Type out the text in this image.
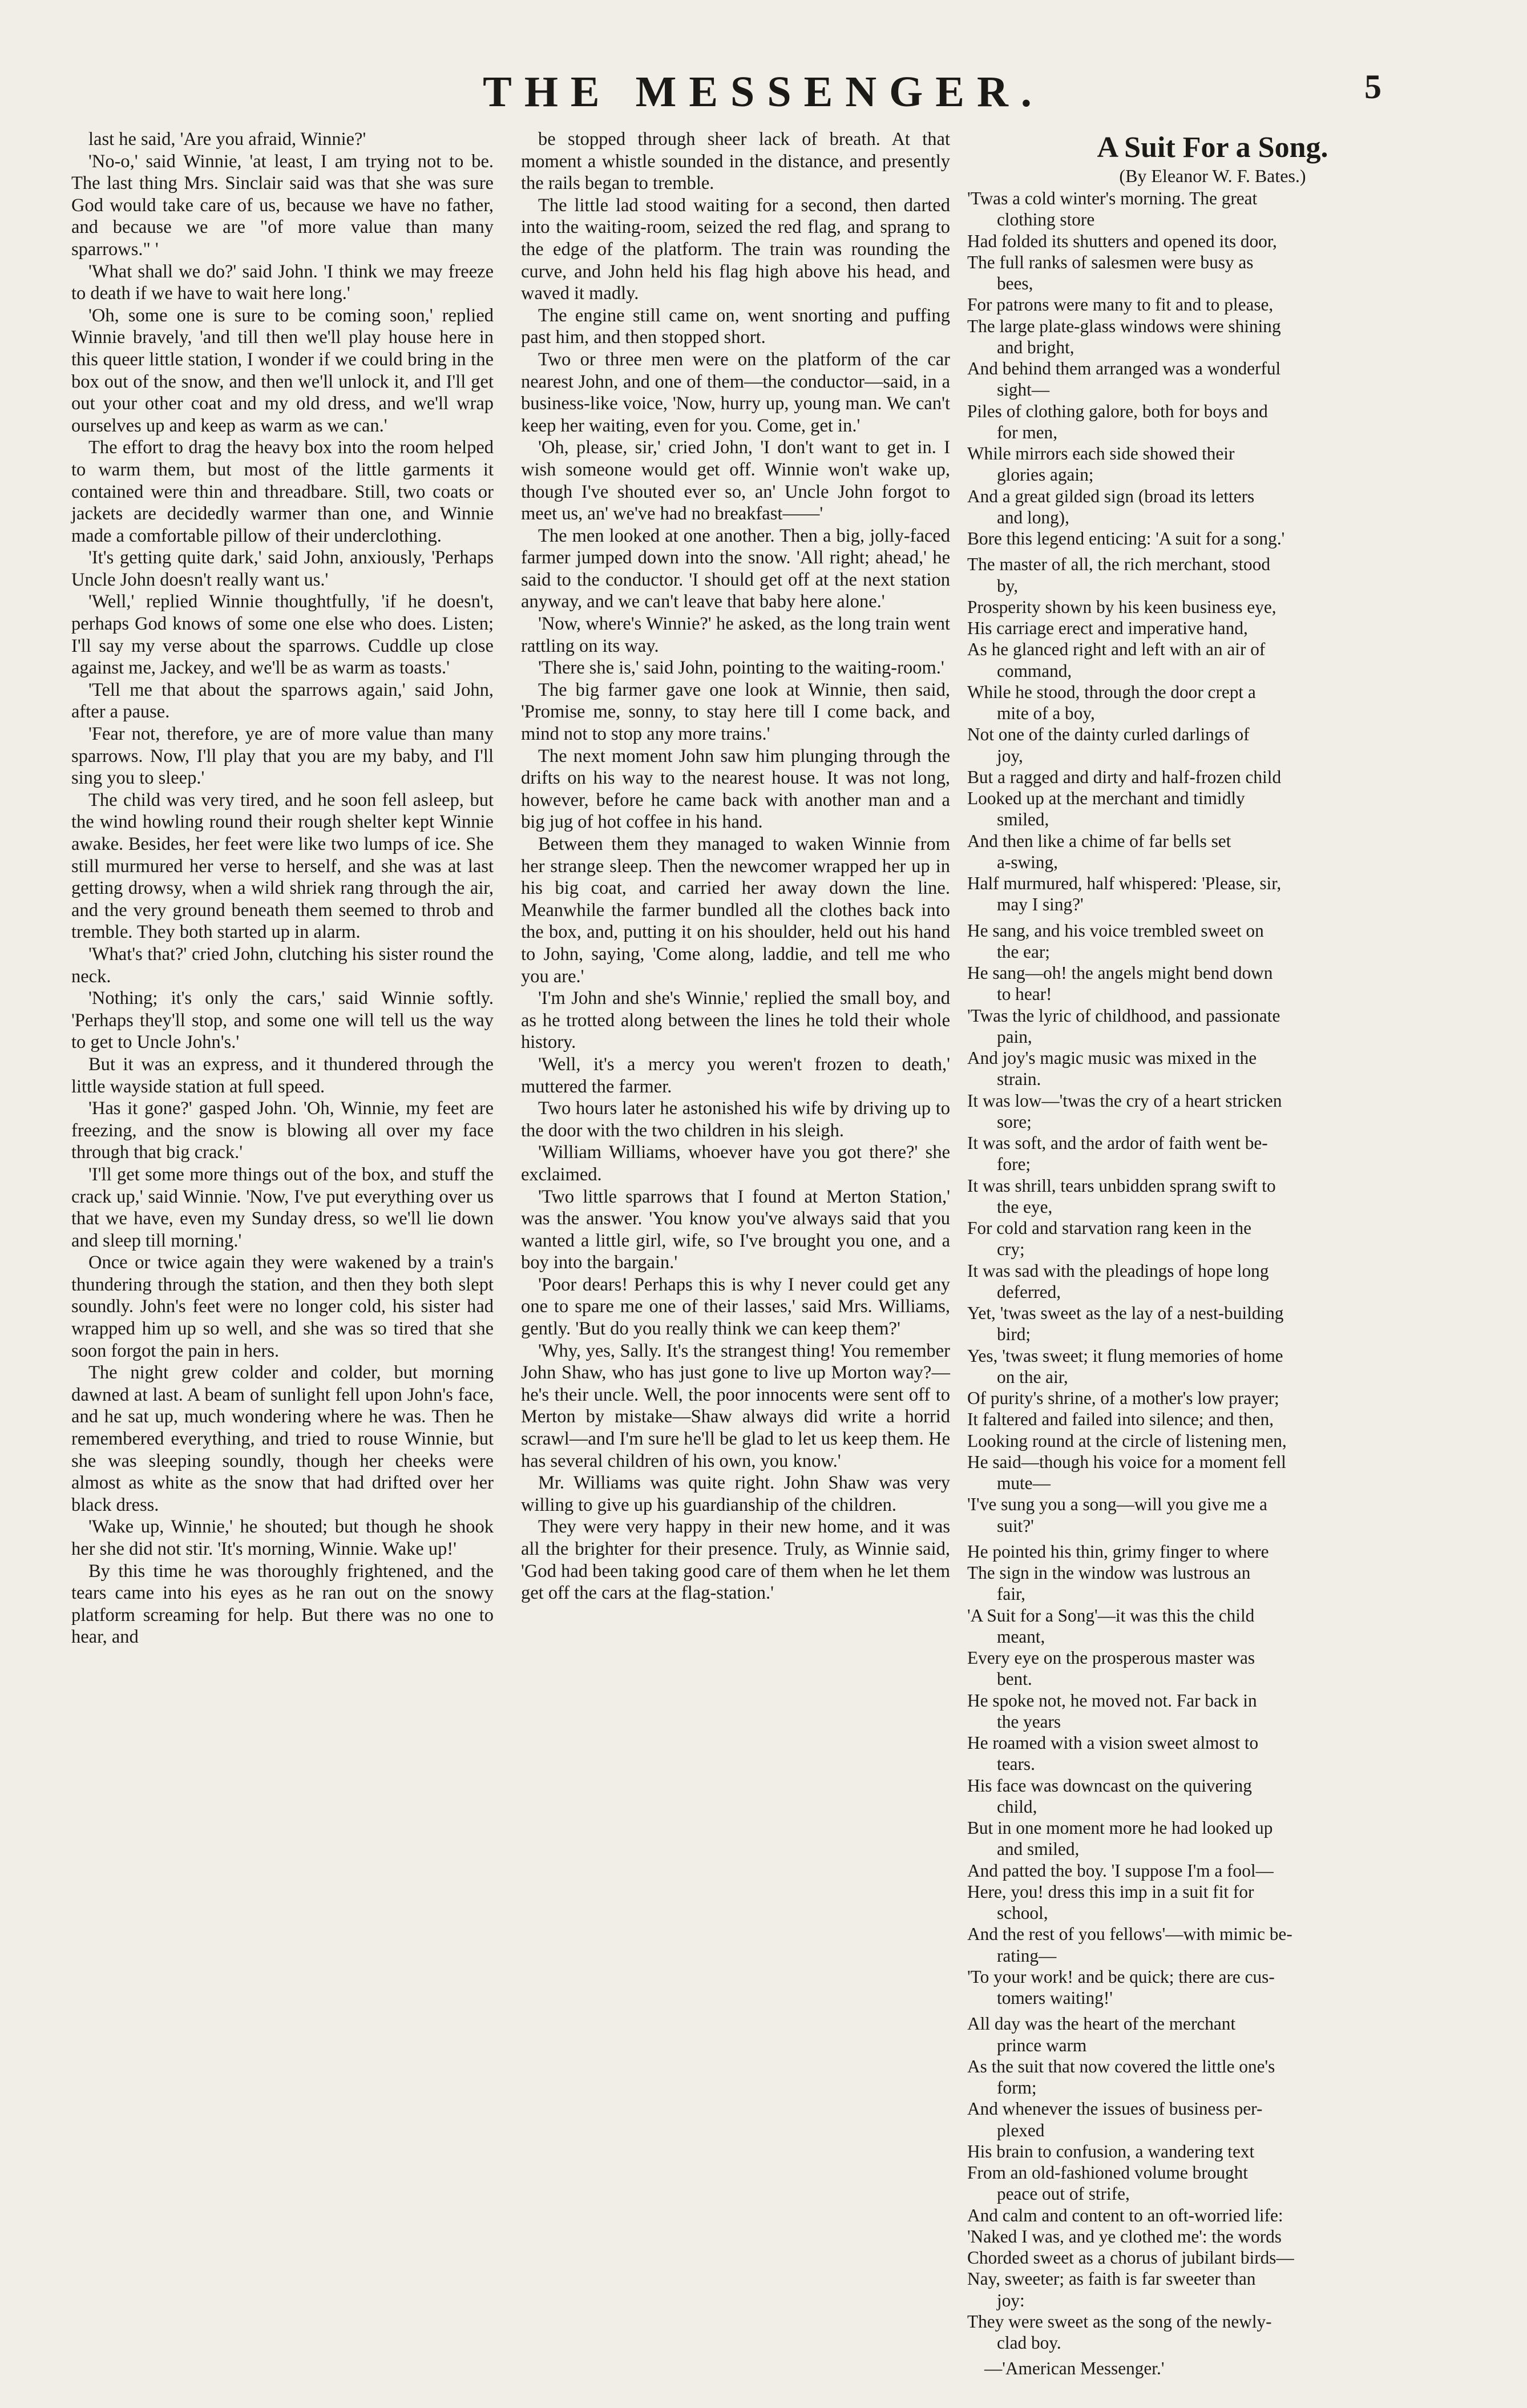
THE MESSENGER.	5

last he said, 'Are you afraid, Winnie?'

'No-o,' said Winnie, 'at least, I am trying not to be. The last thing Mrs. Sinclair said was that she was sure God would take care of us, because we have no father, and because we are "of more value than many sparrows." '

'What shall we do?' said John. 'I think we may freeze to death if we have to wait here long.'

'Oh, some one is sure to be coming soon,' replied Winnie bravely, 'and till then we'll play house here in this queer little station, I wonder if we could bring in the box out of the snow, and then we'll unlock it, and I'll get out your other coat and my old dress, and we'll wrap ourselves up and keep as warm as we can.'

The effort to drag the heavy box into the room helped to warm them, but most of the little garments it contained were thin and threadbare. Still, two coats or jackets are decidedly warmer than one, and Winnie made a comfortable pillow of their underclothing.

'It's getting quite dark,' said John, anxiously, 'Perhaps Uncle John doesn't really want us.'

'Well,' replied Winnie thoughtfully, 'if he doesn't, perhaps God knows of some one else who does. Listen; I'll say my verse about the sparrows. Cuddle up close against me, Jackey, and we'll be as warm as toasts.'

'Tell me that about the sparrows again,' said John, after a pause.

'Fear not, therefore, ye are of more value than many sparrows. Now, I'll play that you are my baby, and I'll sing you to sleep.'

The child was very tired, and he soon fell asleep, but the wind howling round their rough shelter kept Winnie awake. Besides, her feet were like two lumps of ice. She still murmured her verse to herself, and she was at last getting drowsy, when a wild shriek rang through the air, and the very ground beneath them seemed to throb and tremble. They both started up in alarm.

'What's that?' cried John, clutching his sister round the neck.

'Nothing; it's only the cars,' said Winnie softly. 'Perhaps they'll stop, and some one will tell us the way to get to Uncle John's.'

But it was an express, and it thundered through the little wayside station at full speed.

'Has it gone?' gasped John. 'Oh, Winnie, my feet are freezing, and the snow is blowing all over my face through that big crack.'

'I'll get some more things out of the box, and stuff the crack up,' said Winnie. 'Now, I've put everything over us that we have, even my Sunday dress, so we'll lie down and sleep till morning.'

Once or twice again they were wakened by a train's thundering through the station, and then they both slept soundly. John's feet were no longer cold, his sister had wrapped him up so well, and she was so tired that she soon forgot the pain in hers.

The night grew colder and colder, but morning dawned at last. A beam of sunlight fell upon John's face, and he sat up, much wondering where he was. Then he remembered everything, and tried to rouse Winnie, but she was sleeping soundly, though her cheeks were almost as white as the snow that had drifted over her black dress.

'Wake up, Winnie,' he shouted; but though he shook her she did not stir. 'It's morning, Winnie. Wake up!'

By this time he was thoroughly frightened, and the tears came into his eyes as he ran out on the snowy platform screaming for help. But there was no one to hear, and

be stopped through sheer lack of breath. At that moment a whistle sounded in the distance, and presently the rails began to tremble.

The little lad stood waiting for a second, then darted into the waiting-room, seized the red flag, and sprang to the edge of the platform. The train was rounding the curve, and John held his flag high above his head, and waved it madly.

The engine still came on, went snorting and puffing past him, and then stopped short.

Two or three men were on the platform of the car nearest John, and one of them—the conductor—said, in a business-like voice, 'Now, hurry up, young man. We can't keep her waiting, even for you. Come, get in.'

'Oh, please, sir,' cried John, 'I don't want to get in. I wish someone would get off. Winnie won't wake up, though I've shouted ever so, an' Uncle John forgot to meet us, an' we've had no breakfast——'

The men looked at one another. Then a big, jolly-faced farmer jumped down into the snow. 'All right; ahead,' he said to the conductor. 'I should get off at the next station anyway, and we can't leave that baby here alone.'

'Now, where's Winnie?' he asked, as the long train went rattling on its way.

'There she is,' said John, pointing to the waiting-room.'

The big farmer gave one look at Winnie, then said, 'Promise me, sonny, to stay here till I come back, and mind not to stop any more trains.'

The next moment John saw him plunging through the drifts on his way to the nearest house. It was not long, however, before he came back with another man and a big jug of hot coffee in his hand.

Between them they managed to waken Winnie from her strange sleep. Then the newcomer wrapped her up in his big coat, and carried her away down the line. Meanwhile the farmer bundled all the clothes back into the box, and, putting it on his shoulder, held out his hand to John, saying, 'Come along, laddie, and tell me who you are.'

'I'm John and she's Winnie,' replied the small boy, and as he trotted along between the lines he told their whole history.

'Well, it's a mercy you weren't frozen to death,' muttered the farmer.

Two hours later he astonished his wife by driving up to the door with the two children in his sleigh.

'William Williams, whoever have you got there?' she exclaimed.

'Two little sparrows that I found at Merton Station,' was the answer. 'You know you've always said that you wanted a little girl, wife, so I've brought you one, and a boy into the bargain.'

'Poor dears! Perhaps this is why I never could get any one to spare me one of their lasses,' said Mrs. Williams, gently. 'But do you really think we can keep them?'

'Why, yes, Sally. It's the strangest thing! You remember John Shaw, who has just gone to live up Morton way?—he's their uncle. Well, the poor innocents were sent off to Merton by mistake—Shaw always did write a horrid scrawl—and I'm sure he'll be glad to let us keep them. He has several children of his own, you know.'

Mr. Williams was quite right. John Shaw was very willing to give up his guardianship of the children.

They were very happy in their new home, and it was all the brighter for their presence. Truly, as Winnie said, 'God had been taking good care of them when he let them get off the cars at the flag-station.'

A Suit For a Song.
(By Eleanor W. F. Bates.)
'Twas a cold winter's morning. The great
clothing store
Had folded its shutters and opened its door,
The full ranks of salesmen were busy as
bees,
For patrons were many to fit and to please,
The large plate-glass windows were shining
and bright,
And behind them arranged was a wonderful
sight—
Piles of clothing galore, both for boys and
for men,
While mirrors each side showed their
glories again;
And a great gilded sign (broad its letters
and long),
Bore this legend enticing: 'A suit for a song.'
The master of all, the rich merchant, stood
by,
Prosperity shown by his keen business eye,
His carriage erect and imperative hand,
As he glanced right and left with an air of
command,
While he stood, through the door crept a
mite of a boy,
Not one of the dainty curled darlings of
joy,
But a ragged and dirty and half-frozen child
Looked up at the merchant and timidly
smiled,
And then like a chime of far bells set
a-swing,
Half murmured, half whispered: 'Please, sir,
may I sing?'
He sang, and his voice trembled sweet on
the ear;
He sang—oh! the angels might bend down
to hear!
'Twas the lyric of childhood, and passionate
pain,
And joy's magic music was mixed in the
strain.
It was low—'twas the cry of a heart stricken
sore;
It was soft, and the ardor of faith went be-
fore;
It was shrill, tears unbidden sprang swift to
the eye,
For cold and starvation rang keen in the
cry;
It was sad with the pleadings of hope long
deferred,
Yet, 'twas sweet as the lay of a nest-building
bird;
Yes, 'twas sweet; it flung memories of home
on the air,
Of purity's shrine, of a mother's low prayer;
It faltered and failed into silence; and then,
Looking round at the circle of listening men,
He said—though his voice for a moment fell
mute—
'I've sung you a song—will you give me a
suit?'
He pointed his thin, grimy finger to where
The sign in the window was lustrous an
fair,
'A Suit for a Song'—it was this the child
meant,
Every eye on the prosperous master was
bent.
He spoke not, he moved not. Far back in
the years
He roamed with a vision sweet almost to
tears.
His face was downcast on the quivering
child,
But in one moment more he had looked up
and smiled,
And patted the boy. 'I suppose I'm a fool—
Here, you! dress this imp in a suit fit for
school,
And the rest of you fellows'—with mimic be-
rating—
'To your work! and be quick; there are cus-
tomers waiting!'
All day was the heart of the merchant
prince warm
As the suit that now covered the little one's
form;
And whenever the issues of business per-
plexed
His brain to confusion, a wandering text
From an old-fashioned volume brought
peace out of strife,
And calm and content to an oft-worried life:
'Naked I was, and ye clothed me': the words
Chorded sweet as a chorus of jubilant birds—
Nay, sweeter; as faith is far sweeter than
joy:
They were sweet as the song of the newly-
clad boy.

—'American Messenger.'
